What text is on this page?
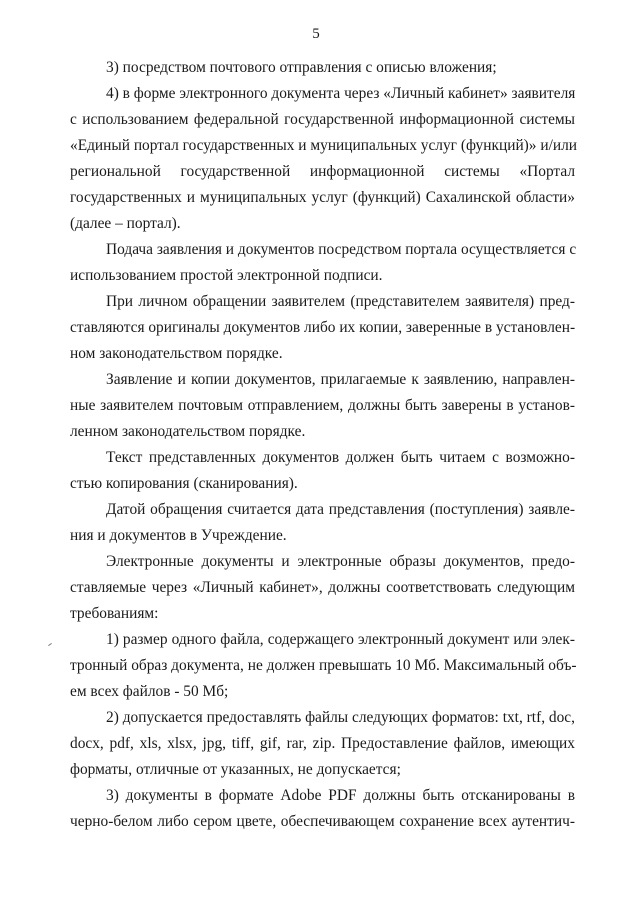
5
3) посредством почтового отправления с описью вложения;
4) в форме электронного документа через «Личный кабинет» заявителя
с использованием федеральной государственной информационной системы
«Единый портал государственных и муниципальных услуг (функций)» и/или
региональной государственной информационной системы «Портал
государственных и муниципальных услуг (функций) Сахалинской области»
(далее – портал).
Подача заявления и документов посредством портала осуществляется с
использованием простой электронной подписи.
При личном обращении заявителем (представителем заявителя) пред-
ставляются оригиналы документов либо их копии, заверенные в установлен-
ном законодательством порядке.
Заявление и копии документов, прилагаемые к заявлению, направлен-
ные заявителем почтовым отправлением, должны быть заверены в установ-
ленном законодательством порядке.
Текст представленных документов должен быть читаем с возможно-
стью копирования (сканирования).
Датой обращения считается дата представления (поступления) заявле-
ния и документов в Учреждение.
Электронные документы и электронные образы документов, предо-
ставляемые через «Личный кабинет», должны соответствовать следующим
требованиям:
1) размер одного файла, содержащего электронный документ или элек-
тронный образ документа, не должен превышать 10 Мб. Максимальный объ-
ем всех файлов - 50 Мб;
2) допускается предоставлять файлы следующих форматов: txt, rtf, doc,
docx, pdf, xls, xlsx, jpg, tiff, gif, rar, zip. Предоставление файлов, имеющих
форматы, отличные от указанных, не допускается;
3) документы в формате Adobe PDF должны быть отсканированы в
черно-белом либо сером цвете, обеспечивающем сохранение всех аутентич-
